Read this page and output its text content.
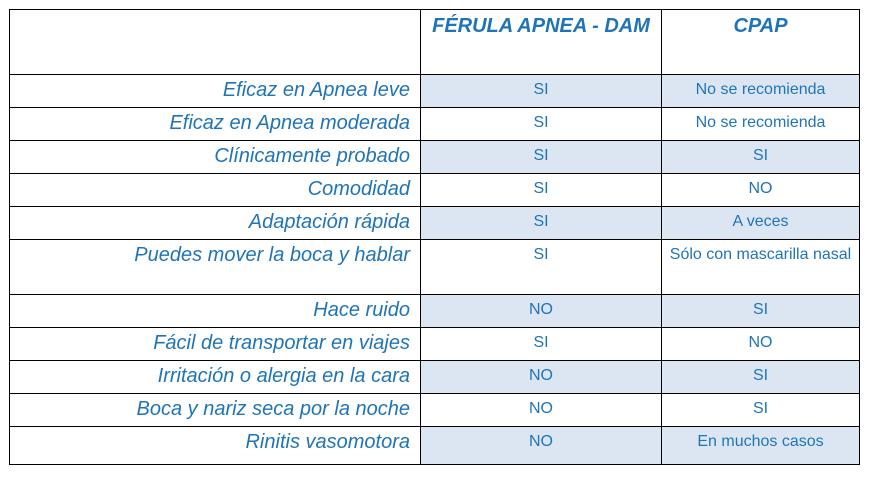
	FÉRULA APNEA - DAM	CPAP
Eficaz en Apnea leve	SI	No se recomienda
Eficaz en Apnea moderada	SI	No se recomienda
Clínicamente probado	SI	SI
Comodidad	SI	NO
Adaptación rápida	SI	A veces
Puedes mover la boca y hablar	SI	Sólo con mascarilla nasal
Hace ruido	NO	SI
Fácil de transportar en viajes	SI	NO
Irritación o alergia en la cara	NO	SI
Boca y nariz seca por la noche	NO	SI
Rinitis vasomotora	NO	En muchos casos
